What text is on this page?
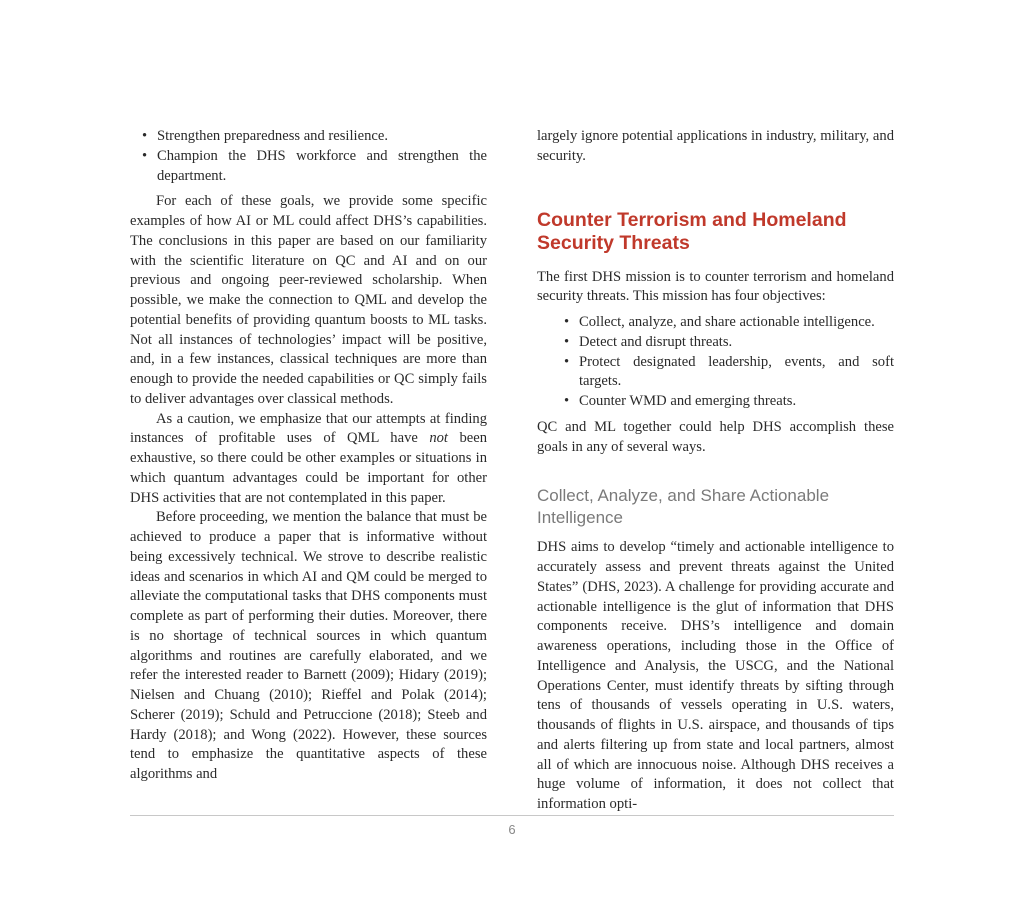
• Strengthen preparedness and resilience.
• Champion the DHS workforce and strengthen the department.

For each of these goals, we provide some specific examples of how AI or ML could affect DHS’s capabilities. The conclusions in this paper are based on our familiarity with the scientific literature on QC and AI and on our previous and ongoing peer-reviewed scholarship. When possible, we make the connection to QML and develop the potential benefits of providing quantum boosts to ML tasks. Not all instances of technologies’ impact will be positive, and, in a few instances, classical techniques are more than enough to provide the needed capabilities or QC simply fails to deliver advantages over classical methods.

As a caution, we emphasize that our attempts at finding instances of profitable uses of QML have not been exhaustive, so there could be other examples or situations in which quantum advantages could be important for other DHS activities that are not contemplated in this paper.

Before proceeding, we mention the balance that must be achieved to produce a paper that is informative without being excessively technical. We strove to describe realistic ideas and scenarios in which AI and QM could be merged to alleviate the computational tasks that DHS components must complete as part of performing their duties. Moreover, there is no shortage of technical sources in which quantum algorithms and routines are carefully elaborated, and we refer the interested reader to Barnett (2009); Hidary (2019); Nielsen and Chuang (2010); Rieffel and Polak (2014); Scherer (2019); Schuld and Petruccione (2018); Steeb and Hardy (2018); and Wong (2022). However, these sources tend to emphasize the quantitative aspects of these algorithms and

largely ignore potential applications in industry, military, and security.

Counter Terrorism and Homeland Security Threats

The first DHS mission is to counter terrorism and homeland security threats. This mission has four objectives:

• Collect, analyze, and share actionable intelligence.
• Detect and disrupt threats.
• Protect designated leadership, events, and soft targets.
• Counter WMD and emerging threats.

QC and ML together could help DHS accomplish these goals in any of several ways.

Collect, Analyze, and Share Actionable Intelligence

DHS aims to develop “timely and actionable intelligence to accurately assess and prevent threats against the United States” (DHS, 2023). A challenge for providing accurate and actionable intelligence is the glut of information that DHS components receive. DHS’s intelligence and domain awareness operations, including those in the Office of Intelligence and Analysis, the USCG, and the National Operations Center, must identify threats by sifting through tens of thousands of vessels operating in U.S. waters, thousands of flights in U.S. airspace, and thousands of tips and alerts filtering up from state and local partners, almost all of which are innocuous noise. Although DHS receives a huge volume of information, it does not collect that information opti-

6
